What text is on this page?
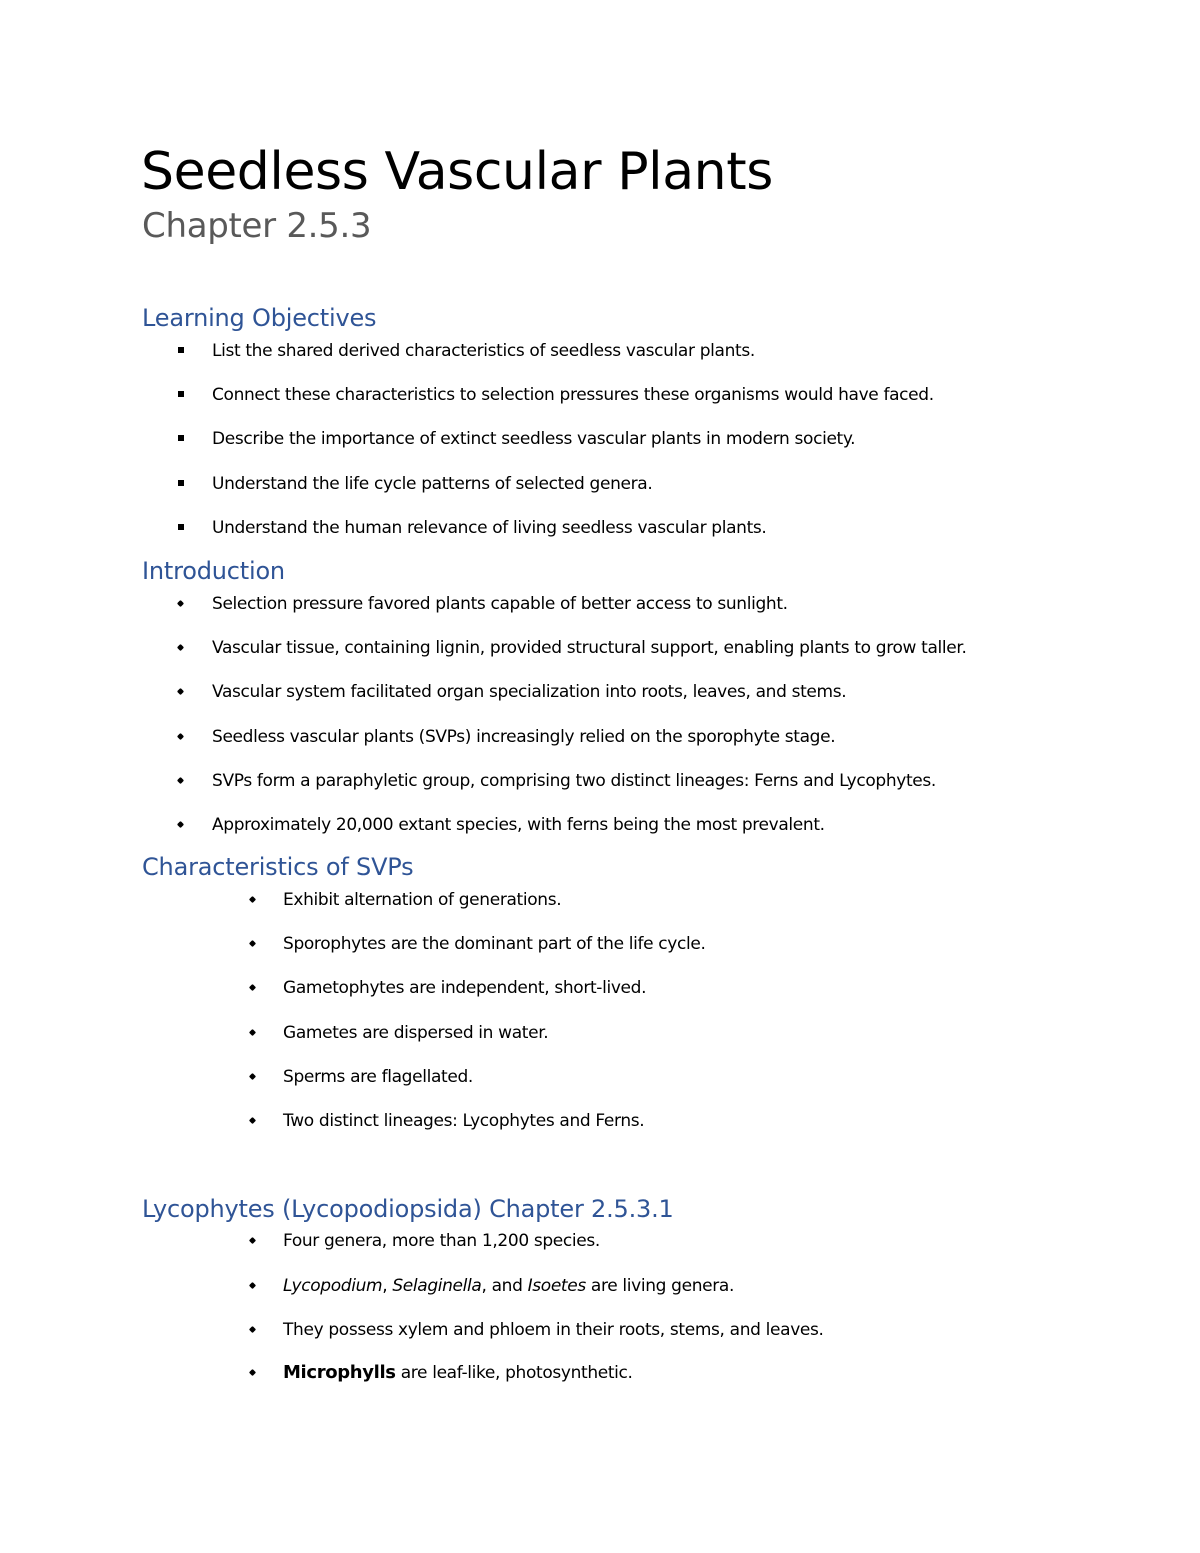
Seedless Vascular Plants
Chapter 2.5.3
Learning Objectives
List the shared derived characteristics of seedless vascular plants.
Connect these characteristics to selection pressures these organisms would have faced.
Describe the importance of extinct seedless vascular plants in modern society.
Understand the life cycle patterns of selected genera.
Understand the human relevance of living seedless vascular plants.
Introduction
Selection pressure favored plants capable of better access to sunlight.
Vascular tissue, containing lignin, provided structural support, enabling plants to grow taller.
Vascular system facilitated organ specialization into roots, leaves, and stems.
Seedless vascular plants (SVPs) increasingly relied on the sporophyte stage.
SVPs form a paraphyletic group, comprising two distinct lineages: Ferns and Lycophytes.
Approximately 20,000 extant species, with ferns being the most prevalent.
Characteristics of SVPs
Exhibit alternation of generations.
Sporophytes are the dominant part of the life cycle.
Gametophytes are independent, short-lived.
Gametes are dispersed in water.
Sperms are flagellated.
Two distinct lineages: Lycophytes and Ferns.
Lycophytes (Lycopodiopsida) Chapter 2.5.3.1
Four genera, more than 1,200 species.
Lycopodium, Selaginella, and Isoetes are living genera.
They possess xylem and phloem in their roots, stems, and leaves.
Microphylls are leaf-like, photosynthetic.
